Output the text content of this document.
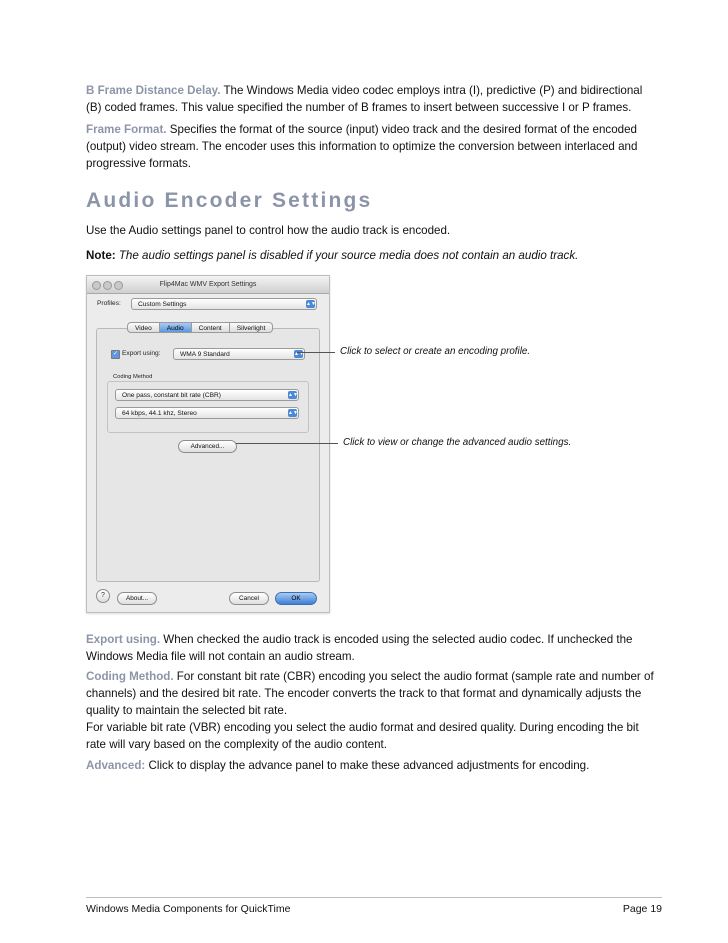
B Frame Distance Delay. The Windows Media video codec employs intra (I), predictive (P) and bidirectional (B) coded frames. This value specified the number of B frames to insert between successive I or P frames.

Frame Format. Specifies the format of the source (input) video track and the desired format of the encoded (output) video stream. The encoder uses this information to optimize the conversion between interlaced and progressive formats.

Audio Encoder Settings

Use the Audio settings panel to control how the audio track is encoded.

Note: The audio settings panel is disabled if your source media does not contain an audio track.

Flip4Mac WMV Export Settings
Profiles:	Custom Settings	▲▼
Video	Audio	Content	Silverlight
✓ Export using:	WMA 9 Standard	▲▼
Coding Method
One pass, constant bit rate (CBR)	▲▼
64 kbps, 44.1 khz, Stereo	▲▼
Advanced...
?	About...	Cancel	OK
Click to select or create an encoding profile.
Click to view or change the advanced audio settings.

Export using. When checked the audio track is encoded using the selected audio codec. If unchecked the Windows Media file will not contain an audio stream.

Coding Method. For constant bit rate (CBR) encoding you select the audio format (sample rate and number of channels) and the desired bit rate. The encoder converts the track to that format and dynamically adjusts the quality to maintain the selected bit rate.

For variable bit rate (VBR) encoding you select the audio format and desired quality. During encoding the bit rate will vary based on the complexity of the audio content.

Advanced: Click to display the advance panel to make these advanced adjustments for encoding.

Windows Media Components for QuickTime	Page 19
